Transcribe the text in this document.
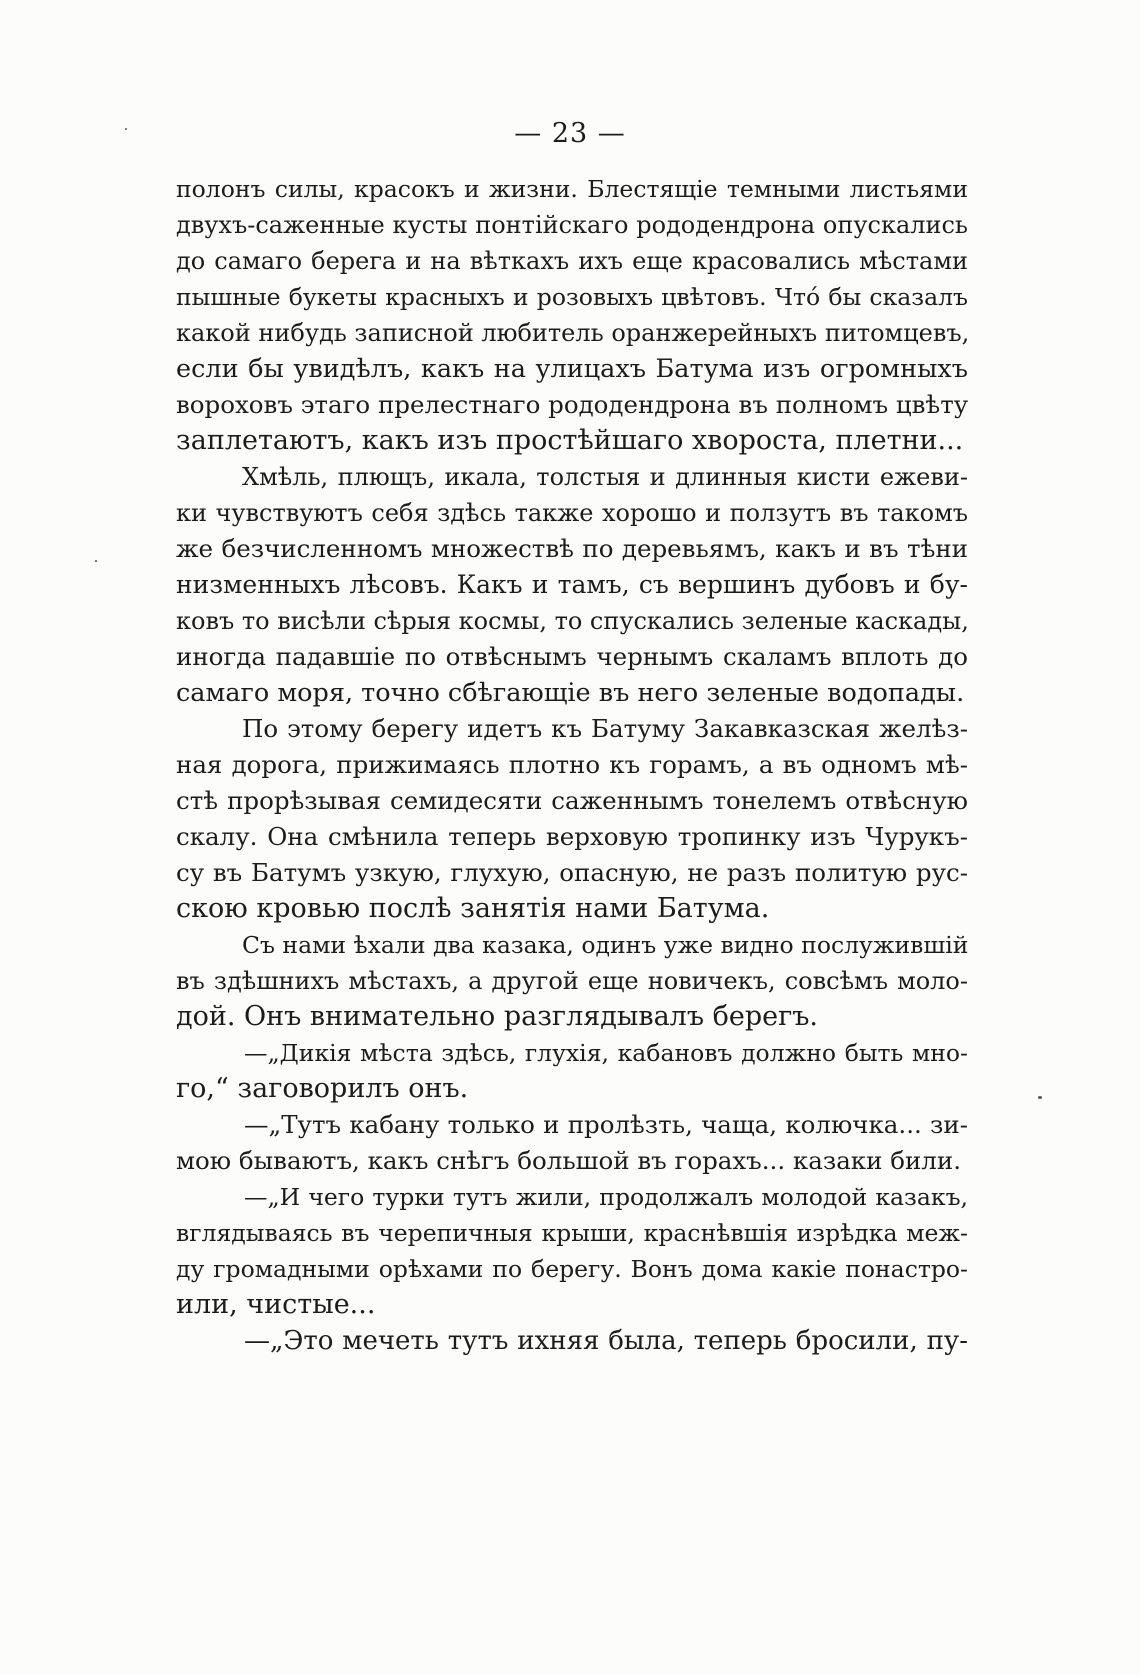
— 23 —
полонъ силы, красокъ и жизни. Блестящіе темными листьями
двухъ-саженные кусты понтійскаго рододендрона опускались
до самаго берега и на вѣткахъ ихъ еще красовались мѣстами
пышные букеты красныхъ и розовыхъ цвѣтовъ. Чтó бы сказалъ
какой нибудь записной любитель оранжерейныхъ питомцевъ,
если бы увидѣлъ, какъ на улицахъ Батума изъ огромныхъ
вороховъ этаго прелестнаго рододендрона въ полномъ цвѣту
заплетаютъ, какъ изъ простѣйшаго хвороста, плетни...
Хмѣль, плющъ, икала, толстыя и длинныя кисти ежеви-
ки чувствуютъ себя здѣсь также хорошо и ползутъ въ такомъ
же безчисленномъ множествѣ по деревьямъ, какъ и въ тѣни
низменныхъ лѣсовъ. Какъ и тамъ, съ вершинъ дубовъ и бу-
ковъ то висѣли сѣрыя космы, то спускались зеленые каскады,
иногда падавшіе по отвѣснымъ чернымъ скаламъ вплоть до
самаго моря, точно сбѣгающіе въ него зеленые водопады.
По этому берегу идетъ къ Батуму Закавказская желѣз-
ная дорога, прижимаясь плотно къ горамъ, а въ одномъ мѣ-
стѣ прорѣзывая семидесяти саженнымъ тонелемъ отвѣсную
скалу. Она смѣнила теперь верховую тропинку изъ Чурукъ-
су въ Батумъ узкую, глухую, опасную, не разъ политую рус-
скою кровью послѣ занятія нами Батума.
Съ нами ѣхали два казака, одинъ уже видно послужившій
въ здѣшнихъ мѣстахъ, а другой еще новичекъ, совсѣмъ моло-
дой. Онъ внимательно разглядывалъ берегъ.
—„Дикія мѣста здѣсь, глухія, кабановъ должно быть мно-
го,“ заговорилъ онъ.
—„Тутъ кабану только и пролѣзть, чаща, колючка... зи-
мою бываютъ, какъ снѣгъ большой въ горахъ... казаки били.
—„И чего турки тутъ жили, продолжалъ молодой казакъ,
вглядываясь въ черепичныя крыши, краснѣвшія изрѣдка меж-
ду громадными орѣхами по берегу. Вонъ дома какіе понастро-
или, чистые...
—„Это мечеть тутъ ихняя была, теперь бросили, пу-
